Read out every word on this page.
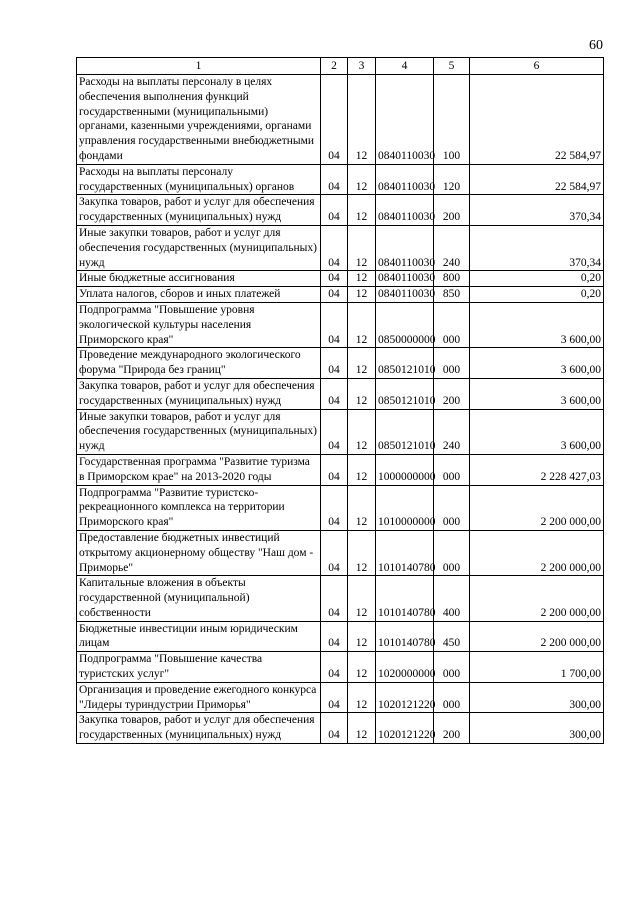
60
1	2	3	4	5	6
Расходы на выплаты персоналу в целях обеспечения выполнения функций государственными (муниципальными) органами, казенными учреждениями, органами управления государственными внебюджетными фондами	04	12	0840110030	100	22 584,97
Расходы на выплаты персоналу государственных (муниципальных) органов	04	12	0840110030	120	22 584,97
Закупка товаров, работ и услуг для обеспечения государственных (муниципальных) нужд	04	12	0840110030	200	370,34
Иные закупки товаров, работ и услуг для обеспечения государственных (муниципальных) нужд	04	12	0840110030	240	370,34
Иные бюджетные ассигнования	04	12	0840110030	800	0,20
Уплата налогов, сборов и иных платежей	04	12	0840110030	850	0,20
Подпрограмма "Повышение уровня экологической культуры населения Приморского края"	04	12	0850000000	000	3 600,00
Проведение международного экологического форума "Природа без границ"	04	12	0850121010	000	3 600,00
Закупка товаров, работ и услуг для обеспечения государственных (муниципальных) нужд	04	12	0850121010	200	3 600,00
Иные закупки товаров, работ и услуг для обеспечения государственных (муниципальных) нужд	04	12	0850121010	240	3 600,00
Государственная программа "Развитие туризма в Приморском крае" на 2013-2020 годы	04	12	1000000000	000	2 228 427,03
Подпрограмма "Развитие туристско-рекреационного комплекса на территории Приморского края"	04	12	1010000000	000	2 200 000,00
Предоставление бюджетных инвестиций открытому акционерному обществу "Наш дом - Приморье"	04	12	1010140780	000	2 200 000,00
Капитальные вложения в объекты государственной (муниципальной) собственности	04	12	1010140780	400	2 200 000,00
Бюджетные инвестиции иным юридическим лицам	04	12	1010140780	450	2 200 000,00
Подпрограмма "Повышение качества туристских услуг"	04	12	1020000000	000	1 700,00
Организация и проведение ежегодного конкурса "Лидеры туриндустрии Приморья"	04	12	1020121220	000	300,00
Закупка товаров, работ и услуг для обеспечения государственных (муниципальных) нужд	04	12	1020121220	200	300,00
